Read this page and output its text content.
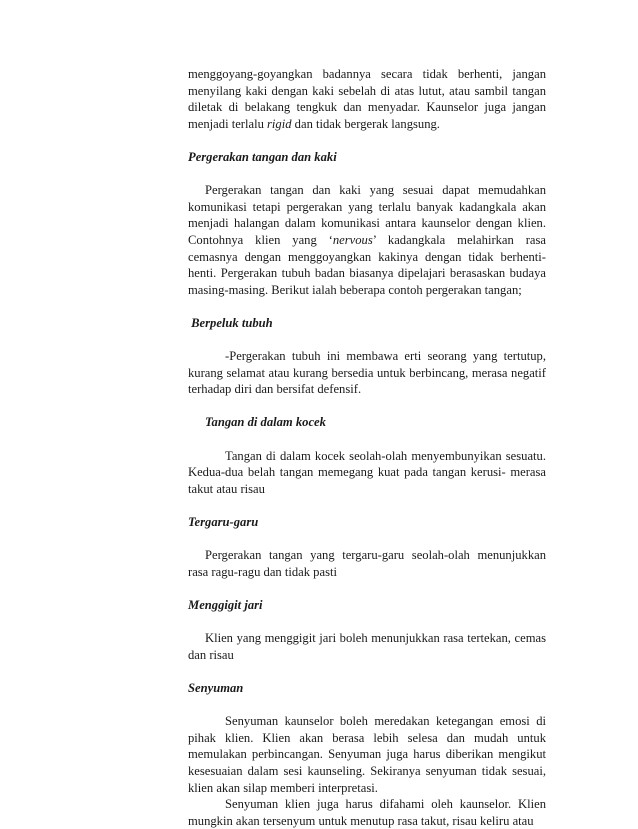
menggoyang-goyangkan badannya secara tidak berhenti, jangan menyilang kaki dengan kaki sebelah di atas lutut, atau sambil tangan diletak di belakang tengkuk dan menyadar. Kaunselor juga jangan menjadi terlalu rigid dan tidak bergerak langsung.

Pergerakan tangan dan kaki

Pergerakan tangan dan kaki yang sesuai dapat memudahkan komunikasi tetapi pergerakan yang terlalu banyak kadangkala akan menjadi halangan dalam komunikasi antara kaunselor dengan klien. Contohnya klien yang ‘nervous’ kadangkala melahirkan rasa cemasnya dengan menggoyangkan kakinya dengan tidak berhenti-henti. Pergerakan tubuh badan biasanya dipelajari berasaskan budaya masing-masing. Berikut ialah beberapa contoh pergerakan tangan;

Berpeluk tubuh

-Pergerakan tubuh ini membawa erti seorang yang tertutup, kurang selamat atau kurang bersedia untuk berbincang, merasa negatif terhadap diri dan bersifat defensif.

Tangan di dalam kocek

Tangan di dalam kocek seolah-olah menyembunyikan sesuatu. Kedua-dua belah tangan memegang kuat pada tangan kerusi- merasa takut atau risau

Tergaru-garu

Pergerakan tangan yang tergaru-garu seolah-olah menunjukkan rasa ragu-ragu dan tidak pasti

Menggigit jari

Klien yang menggigit jari boleh menunjukkan rasa tertekan, cemas dan risau

Senyuman

Senyuman kaunselor boleh meredakan ketegangan emosi di pihak klien. Klien akan berasa lebih selesa dan mudah untuk memulakan perbincangan. Senyuman juga harus diberikan mengikut kesesuaian dalam sesi kaunseling. Sekiranya senyuman tidak sesuai, klien akan silap memberi interpretasi.

Senyuman klien juga harus difahami oleh kaunselor. Klien mungkin akan tersenyum untuk menutup rasa takut, risau keliru atau
